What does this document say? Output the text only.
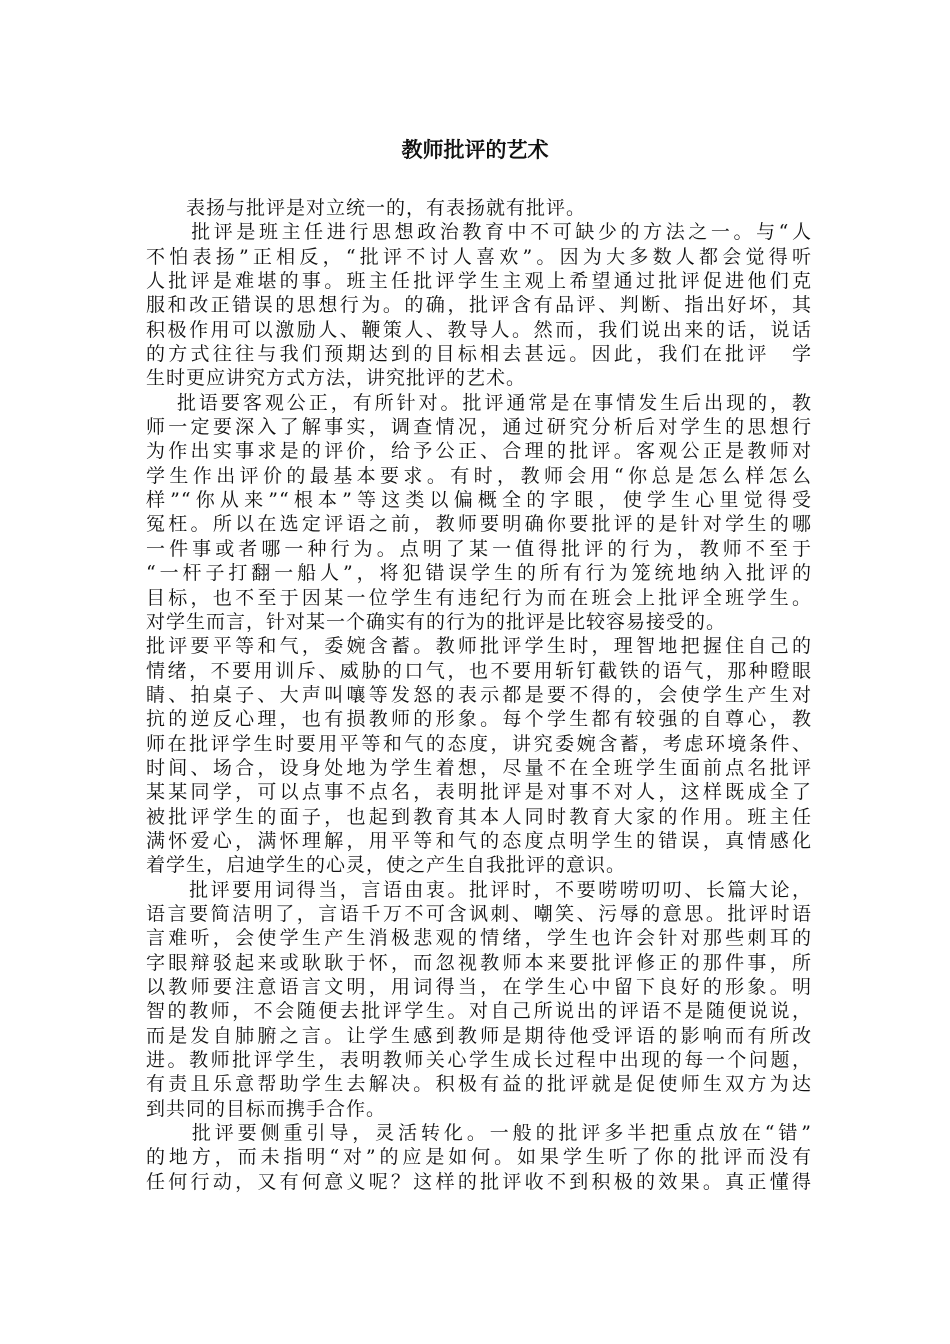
教师批评的艺术
　　表扬与批评是对立统一的，有表扬就有批评。
　　批评是班主任进行思想政治教育中不可缺少的方法之一。与“人
不怕表扬”正相反，“批评不讨人喜欢”。因为大多数人都会觉得听
人批评是难堪的事。班主任批评学生主观上希望通过批评促进他们克
服和改正错误的思想行为。的确，批评含有品评、判断、指出好坏，其
积极作用可以激励人、鞭策人、教导人。然而，我们说出来的话，说话
的方式往往与我们预期达到的目标相去甚远。因此，我们在批评　学
生时更应讲究方式方法，讲究批评的艺术。
　 批语要客观公正，有所针对。批评通常是在事情发生后出现的，教
师一定要深入了解事实，调查情况，通过研究分析后对学生的思想行
为作出实事求是的评价，给予公正、合理的批评。客观公正是教师对
学生作出评价的最基本要求。有时，教师会用“你总是怎么样怎么
样”“你从来”“根本”等这类以偏概全的字眼，使学生心里觉得受
冤枉。所以在选定评语之前，教师要明确你要批评的是针对学生的哪
一件事或者哪一种行为。点明了某一值得批评的行为，教师不至于
“一杆子打翻一船人”，将犯错误学生的所有行为笼统地纳入批评的
目标，也不至于因某一位学生有违纪行为而在班会上批评全班学生。
对学生而言，针对某一个确实有的行为的批评是比较容易接受的。
批评要平等和气，委婉含蓄。教师批评学生时，理智地把握住自己的
情绪，不要用训斥、威胁的口气，也不要用斩钉截铁的语气，那种瞪眼
睛、拍桌子、大声叫嚷等发怒的表示都是要不得的，会使学生产生对
抗的逆反心理，也有损教师的形象。每个学生都有较强的自尊心，教
师在批评学生时要用平等和气的态度，讲究委婉含蓄，考虑环境条件、
时间、场合，设身处地为学生着想，尽量不在全班学生面前点名批评
某某同学，可以点事不点名，表明批评是对事不对人，这样既成全了
被批评学生的面子，也起到教育其本人同时教育大家的作用。班主任
满怀爱心，满怀理解，用平等和气的态度点明学生的错误，真情感化
着学生，启迪学生的心灵，使之产生自我批评的意识。
　　批评要用词得当，言语由衷。批评时，不要唠唠叨叨、长篇大论，
语言要简洁明了，言语千万不可含讽刺、嘲笑、污辱的意思。批评时语
言难听，会使学生产生消极悲观的情绪，学生也许会针对那些刺耳的
字眼辩驳起来或耿耿于怀，而忽视教师本来要批评修正的那件事，所
以教师要注意语言文明，用词得当，在学生心中留下良好的形象。明
智的教师，不会随便去批评学生。对自己所说出的评语不是随便说说，
而是发自肺腑之言。让学生感到教师是期待他受评语的影响而有所改
进。教师批评学生，表明教师关心学生成长过程中出现的每一个问题，
有责且乐意帮助学生去解决。积极有益的批评就是促使师生双方为达
到共同的目标而携手合作。
　　批评要侧重引导，灵活转化。一般的批评多半把重点放在“错”
的地方，而未指明“对”的应是如何。如果学生听了你的批评而没有
任何行动，又有何意义呢？这样的批评收不到积极的效果。真正懂得
